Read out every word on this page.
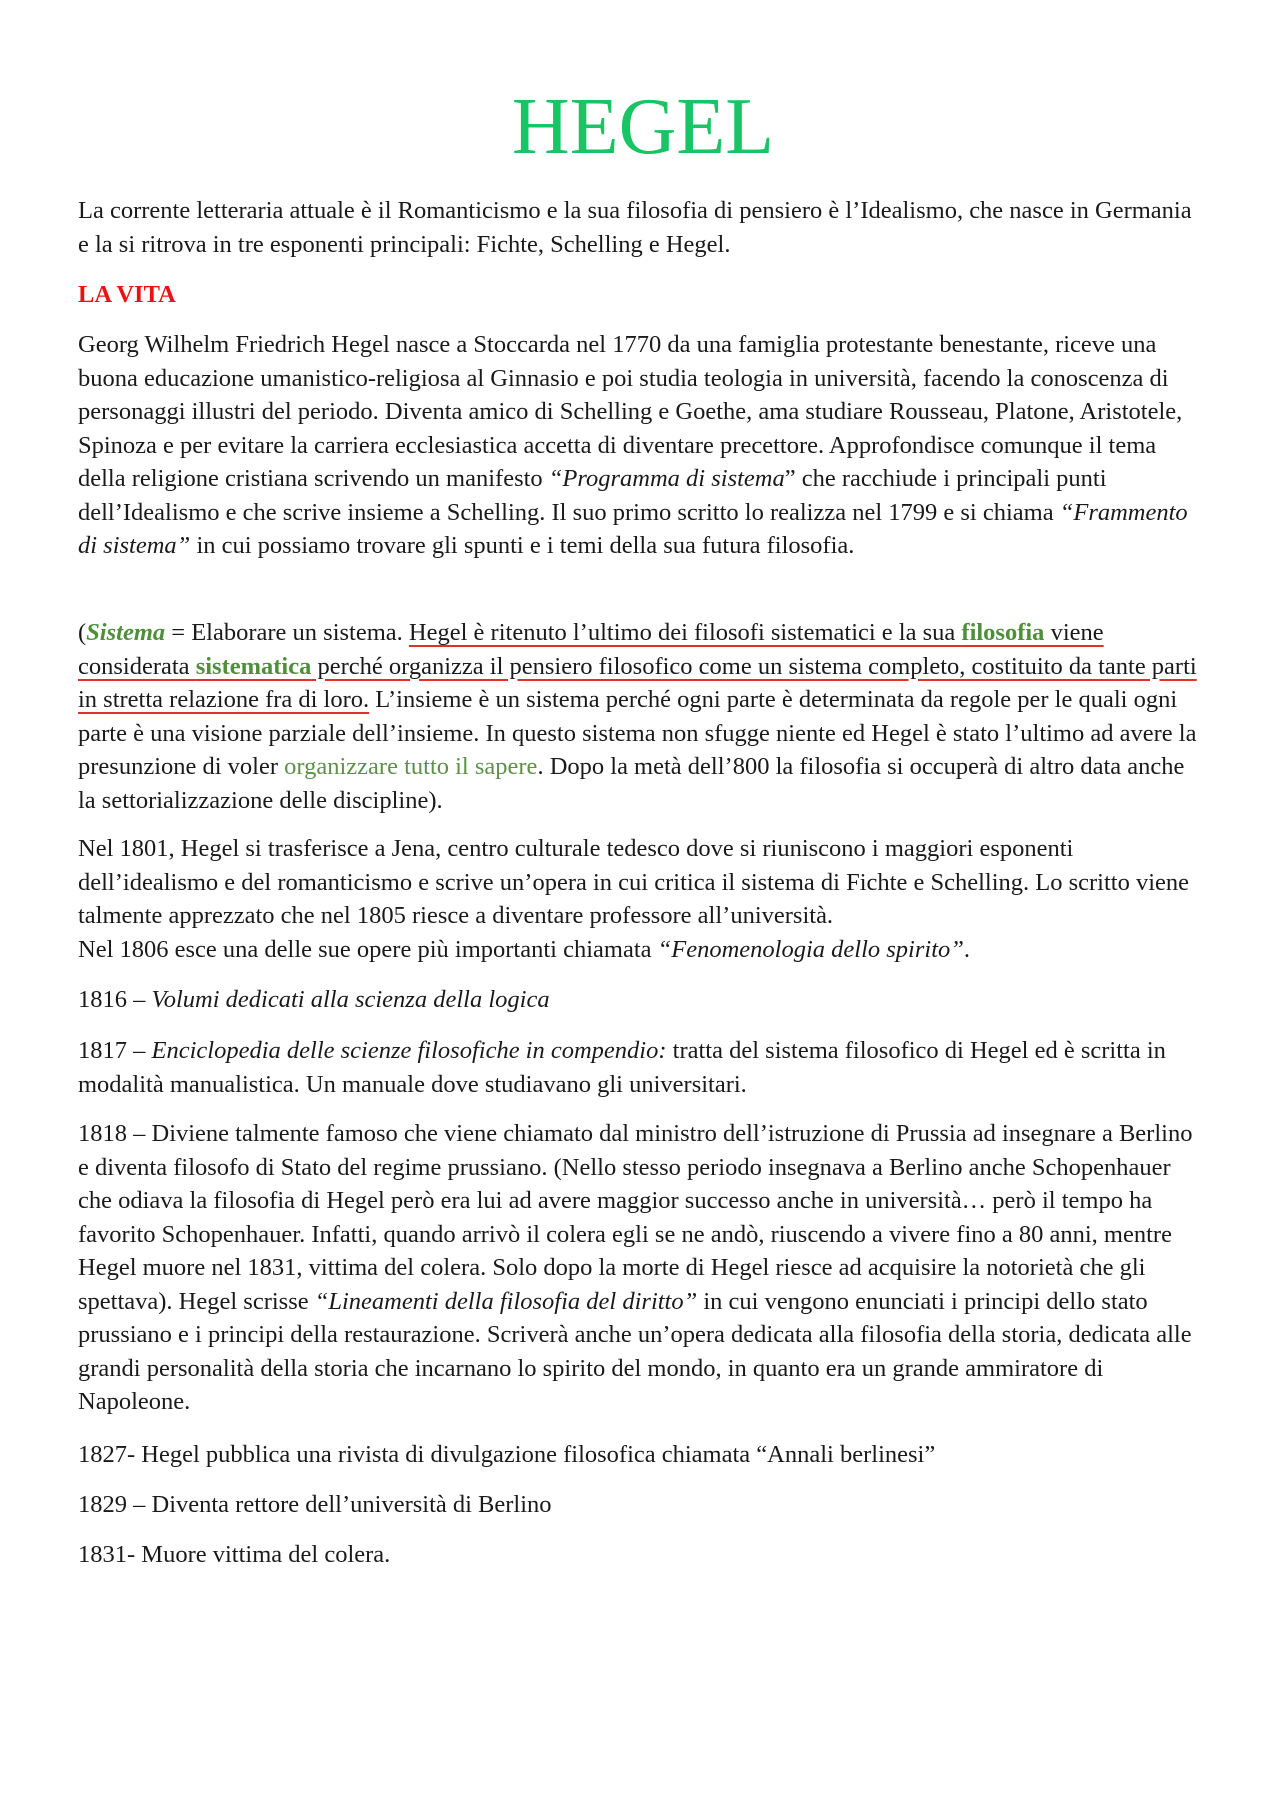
HEGEL

La corrente letteraria attuale è il Romanticismo e la sua filosofia di pensiero è l’Idealismo, che nasce in Germania e la si ritrova in tre esponenti principali: Fichte, Schelling e Hegel.

LA VITA

Georg Wilhelm Friedrich Hegel nasce a Stoccarda nel 1770 da una famiglia protestante benestante, riceve una buona educazione umanistico-religiosa al Ginnasio e poi studia teologia in università, facendo la conoscenza di personaggi illustri del periodo. Diventa amico di Schelling e Goethe, ama studiare Rousseau, Platone, Aristotele, Spinoza e per evitare la carriera ecclesiastica accetta di diventare precettore. Approfondisce comunque il tema della religione cristiana scrivendo un manifesto “Programma di sistema” che racchiude i principali punti dell’Idealismo e che scrive insieme a Schelling. Il suo primo scritto lo realizza nel 1799 e si chiama “Frammento di sistema” in cui possiamo trovare gli spunti e i temi della sua futura filosofia.

(Sistema = Elaborare un sistema. Hegel è ritenuto l’ultimo dei filosofi sistematici e la sua filosofia viene considerata sistematica perché organizza il pensiero filosofico come un sistema completo, costituito da tante parti in stretta relazione fra di loro. L’insieme è un sistema perché ogni parte è determinata da regole per le quali ogni parte è una visione parziale dell’insieme. In questo sistema non sfugge niente ed Hegel è stato l’ultimo ad avere la presunzione di voler organizzare tutto il sapere. Dopo la metà dell’800 la filosofia si occuperà di altro data anche la settorializzazione delle discipline).

Nel 1801, Hegel si trasferisce a Jena, centro culturale tedesco dove si riuniscono i maggiori esponenti dell’idealismo e del romanticismo e scrive un’opera in cui critica il sistema di Fichte e Schelling. Lo scritto viene talmente apprezzato che nel 1805 riesce a diventare professore all’università.
Nel 1806 esce una delle sue opere più importanti chiamata “Fenomenologia dello spirito”.

1816 – Volumi dedicati alla scienza della logica

1817 – Enciclopedia delle scienze filosofiche in compendio: tratta del sistema filosofico di Hegel ed è scritta in modalità manualistica. Un manuale dove studiavano gli universitari.

1818 – Diviene talmente famoso che viene chiamato dal ministro dell’istruzione di Prussia ad insegnare a Berlino e diventa filosofo di Stato del regime prussiano. (Nello stesso periodo insegnava a Berlino anche Schopenhauer che odiava la filosofia di Hegel però era lui ad avere maggior successo anche in università… però il tempo ha favorito Schopenhauer. Infatti, quando arrivò il colera egli se ne andò, riuscendo a vivere fino a 80 anni, mentre Hegel muore nel 1831, vittima del colera. Solo dopo la morte di Hegel riesce ad acquisire la notorietà che gli spettava). Hegel scrisse “Lineamenti della filosofia del diritto” in cui vengono enunciati i principi dello stato prussiano e i principi della restaurazione. Scriverà anche un’opera dedicata alla filosofia della storia, dedicata alle grandi personalità della storia che incarnano lo spirito del mondo, in quanto era un grande ammiratore di Napoleone.

1827- Hegel pubblica una rivista di divulgazione filosofica chiamata “Annali berlinesi”

1829 – Diventa rettore dell’università di Berlino

1831- Muore vittima del colera.
